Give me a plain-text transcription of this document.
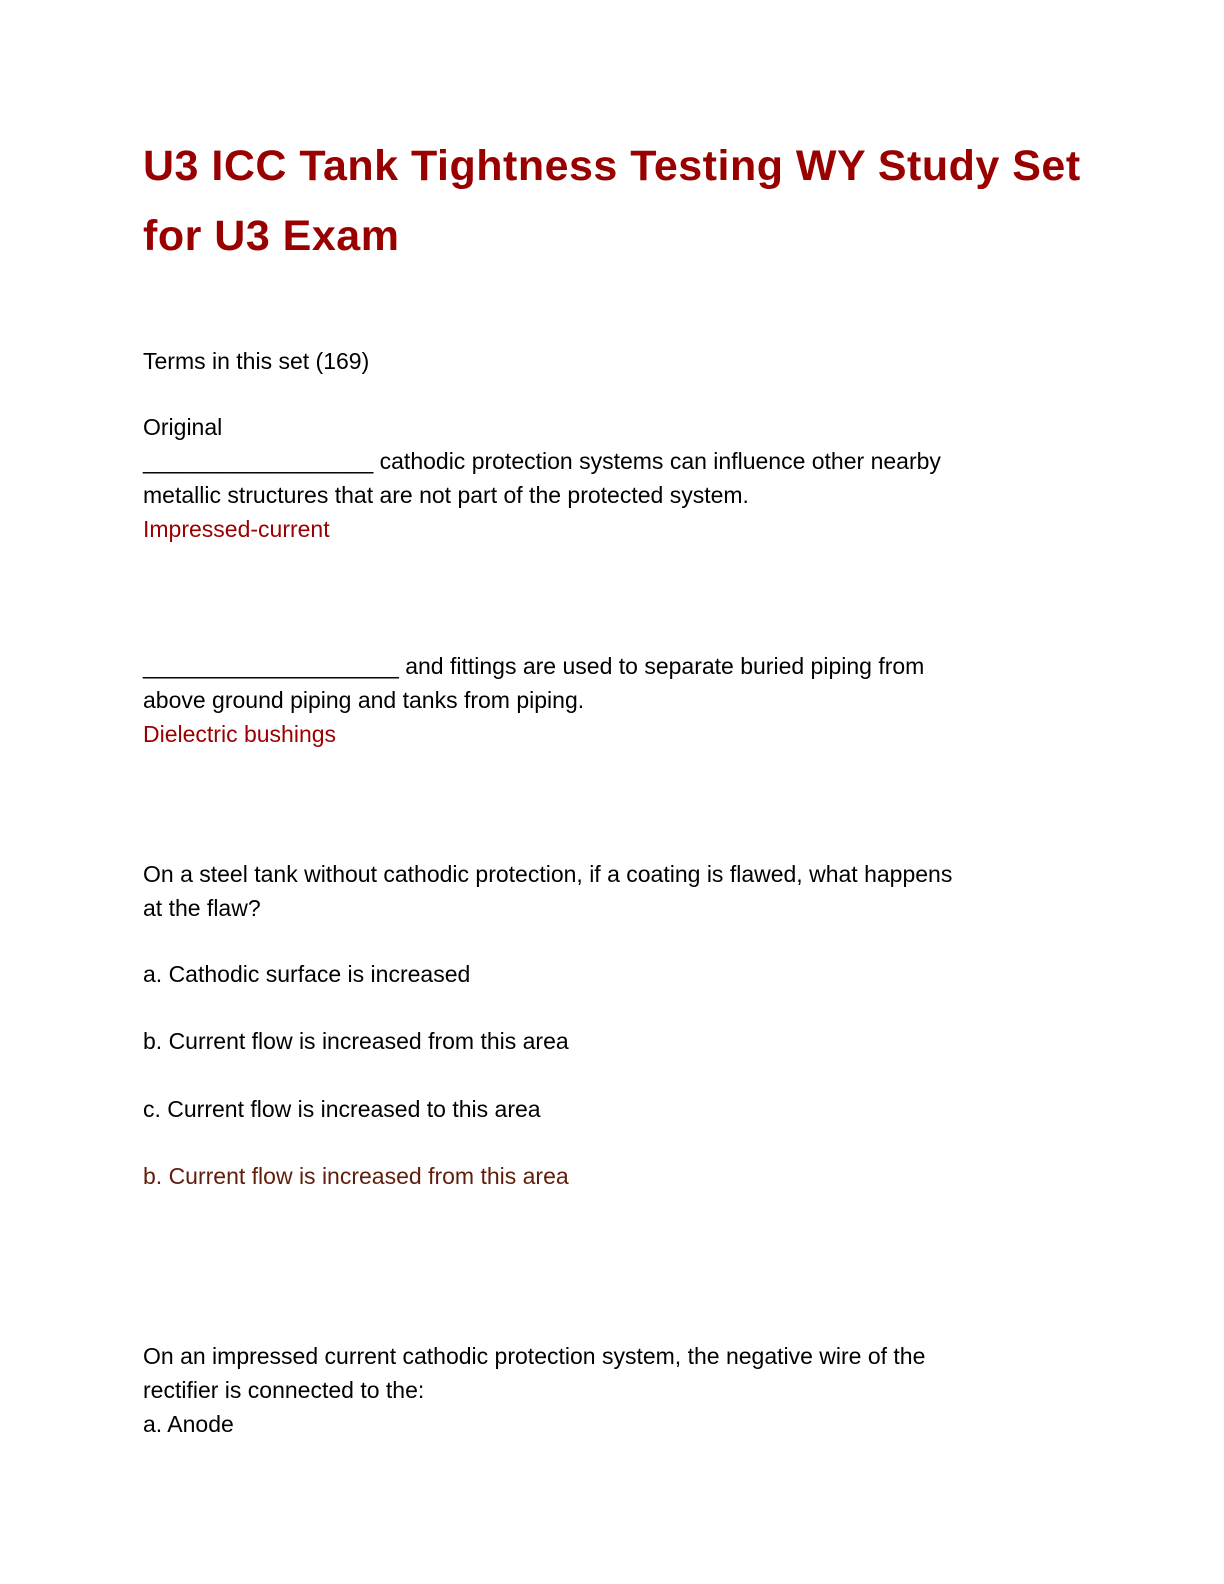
U3 ICC Tank Tightness Testing WY Study Set for U3 Exam
Terms in this set (169)
Original
__________________ cathodic protection systems can influence other nearby
metallic structures that are not part of the protected system.
Impressed-current
____________________ and fittings are used to separate buried piping from
above ground piping and tanks from piping.
Dielectric bushings
On a steel tank without cathodic protection, if a coating is flawed, what happens
at the flaw?
a. Cathodic surface is increased
b. Current flow is increased from this area
c. Current flow is increased to this area
b. Current flow is increased from this area
On an impressed current cathodic protection system, the negative wire of the
rectifier is connected to the:
a. Anode
